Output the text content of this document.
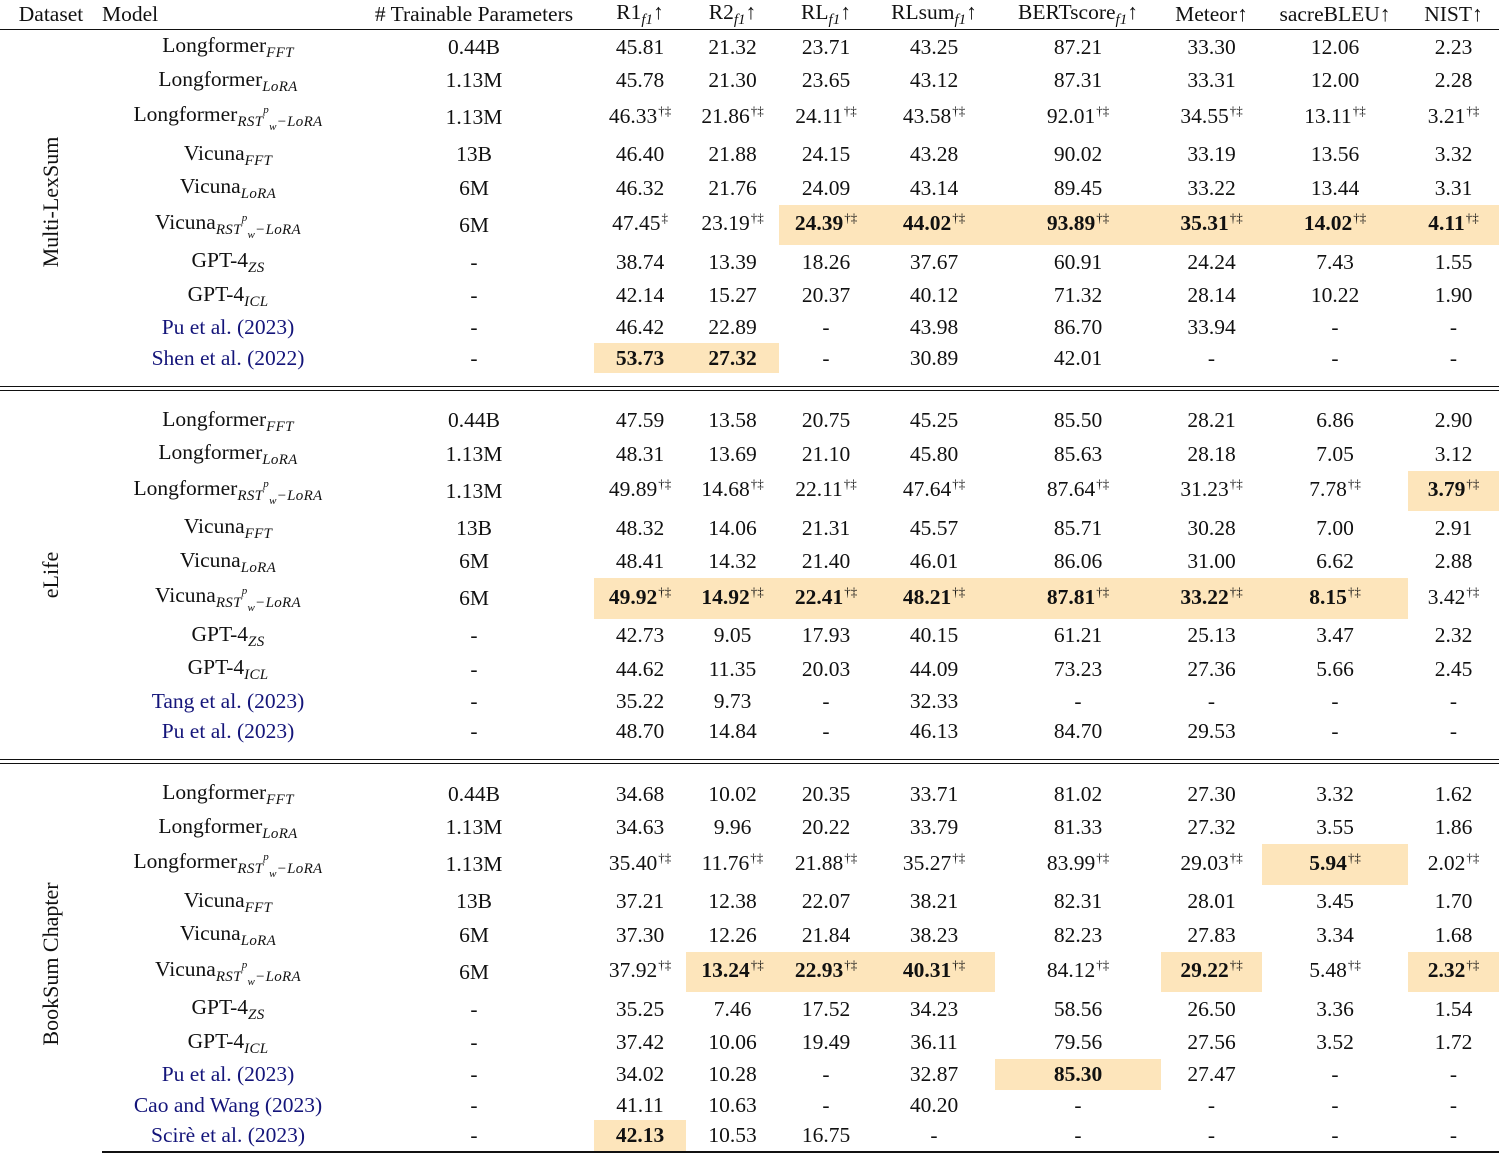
Dataset	Model	# Trainable Parameters	$R1_{f1}↑$	$R2_{f1}↑$	$RL_{f1}↑$	RLsum$_{f1}$↑	BERTscore$_{f1}$↑	Meteor↑	sacreBLEU↑	NIST↑

Multi-LexSum	Longformer$_{FFT}$	0.44B	45.81	21.32	23.71	43.25	87.21	33.30	12.06	2.23
	Longformer$_{LoRA}$	1.13M	45.78	21.30	23.65	43.12	87.31	33.31	12.00	2.28
	Longformer$_{RST^p_w-LoRA}$	1.13M	46.33†‡	21.86†‡	24.11†‡	43.58†‡	92.01†‡	34.55†‡	13.11†‡	3.21†‡
	Vicuna$_{FFT}$	13B	46.40	21.88	24.15	43.28	90.02	33.19	13.56	3.32
	Vicuna$_{LoRA}$	6M	46.32	21.76	24.09	43.14	89.45	33.22	13.44	3.31
	Vicuna$_{RST^p_w-LoRA}$	6M	47.45‡	23.19†‡	24.39†‡	44.02†‡	93.89†‡	35.31†‡	14.02†‡	4.11†‡
	GPT-$4_{ZS}$	-	38.74	13.39	18.26	37.67	60.91	24.24	7.43	1.55
	GPT-$4_{ICL}$	-	42.14	15.27	20.37	40.12	71.32	28.14	10.22	1.90
	Pu et al. (2023)	-	46.42	22.89	-	43.98	86.70	33.94	-	-
	Shen et al. (2022)	-	53.73	27.32	-	30.89	42.01	-	-	-

eLife	Longformer$_{FFT}$	0.44B	47.59	13.58	20.75	45.25	85.50	28.21	6.86	2.90
	Longformer$_{LoRA}$	1.13M	48.31	13.69	21.10	45.80	85.63	28.18	7.05	3.12
	Longformer$_{RST^p_w-LoRA}$	1.13M	49.89†‡	14.68†‡	22.11†‡	47.64†‡	87.64†‡	31.23†‡	7.78†‡	3.79†‡
	Vicuna$_{FFT}$	13B	48.32	14.06	21.31	45.57	85.71	30.28	7.00	2.91
	Vicuna$_{LoRA}$	6M	48.41	14.32	21.40	46.01	86.06	31.00	6.62	2.88
	Vicuna$_{RST^p_w-LoRA}$	6M	49.92†‡	14.92†‡	22.41†‡	48.21†‡	87.81†‡	33.22†‡	8.15†‡	3.42†‡
	GPT-$4_{ZS}$	-	42.73	9.05	17.93	40.15	61.21	25.13	3.47	2.32
	GPT-$4_{ICL}$	-	44.62	11.35	20.03	44.09	73.23	27.36	5.66	2.45
	Tang et al. (2023)	-	35.22	9.73	-	32.33	-	-	-	-
	Pu et al. (2023)	-	48.70	14.84	-	46.13	84.70	29.53	-	-

BookSum Chapter	Longformer$_{FFT}$	0.44B	34.68	10.02	20.35	33.71	81.02	27.30	3.32	1.62
	Longformer$_{LoRA}$	1.13M	34.63	9.96	20.22	33.79	81.33	27.32	3.55	1.86
	Longformer$_{RST^p_w-LoRA}$	1.13M	35.40†‡	11.76†‡	21.88†‡	35.27†‡	83.99†‡	29.03†‡	5.94†‡	2.02†‡
	Vicuna$_{FFT}$	13B	37.21	12.38	22.07	38.21	82.31	28.01	3.45	1.70
	Vicuna$_{LoRA}$	6M	37.30	12.26	21.84	38.23	82.23	27.83	3.34	1.68
	Vicuna$_{RST^p_w-LoRA}$	6M	37.92†‡	13.24†‡	22.93†‡	40.31†‡	84.12†‡	29.22†‡	5.48†‡	2.32†‡
	GPT-$4_{ZS}$	-	35.25	7.46	17.52	34.23	58.56	26.50	3.36	1.54
	GPT-$4_{ICL}$	-	37.42	10.06	19.49	36.11	79.56	27.56	3.52	1.72
	Pu et al. (2023)	-	34.02	10.28	-	32.87	85.30	27.47	-	-
	Cao and Wang (2023)	-	41.11	10.63	-	40.20	-	-	-	-
	Scirè et al. (2023)	-	42.13	10.53	16.75	-	-	-	-	-
